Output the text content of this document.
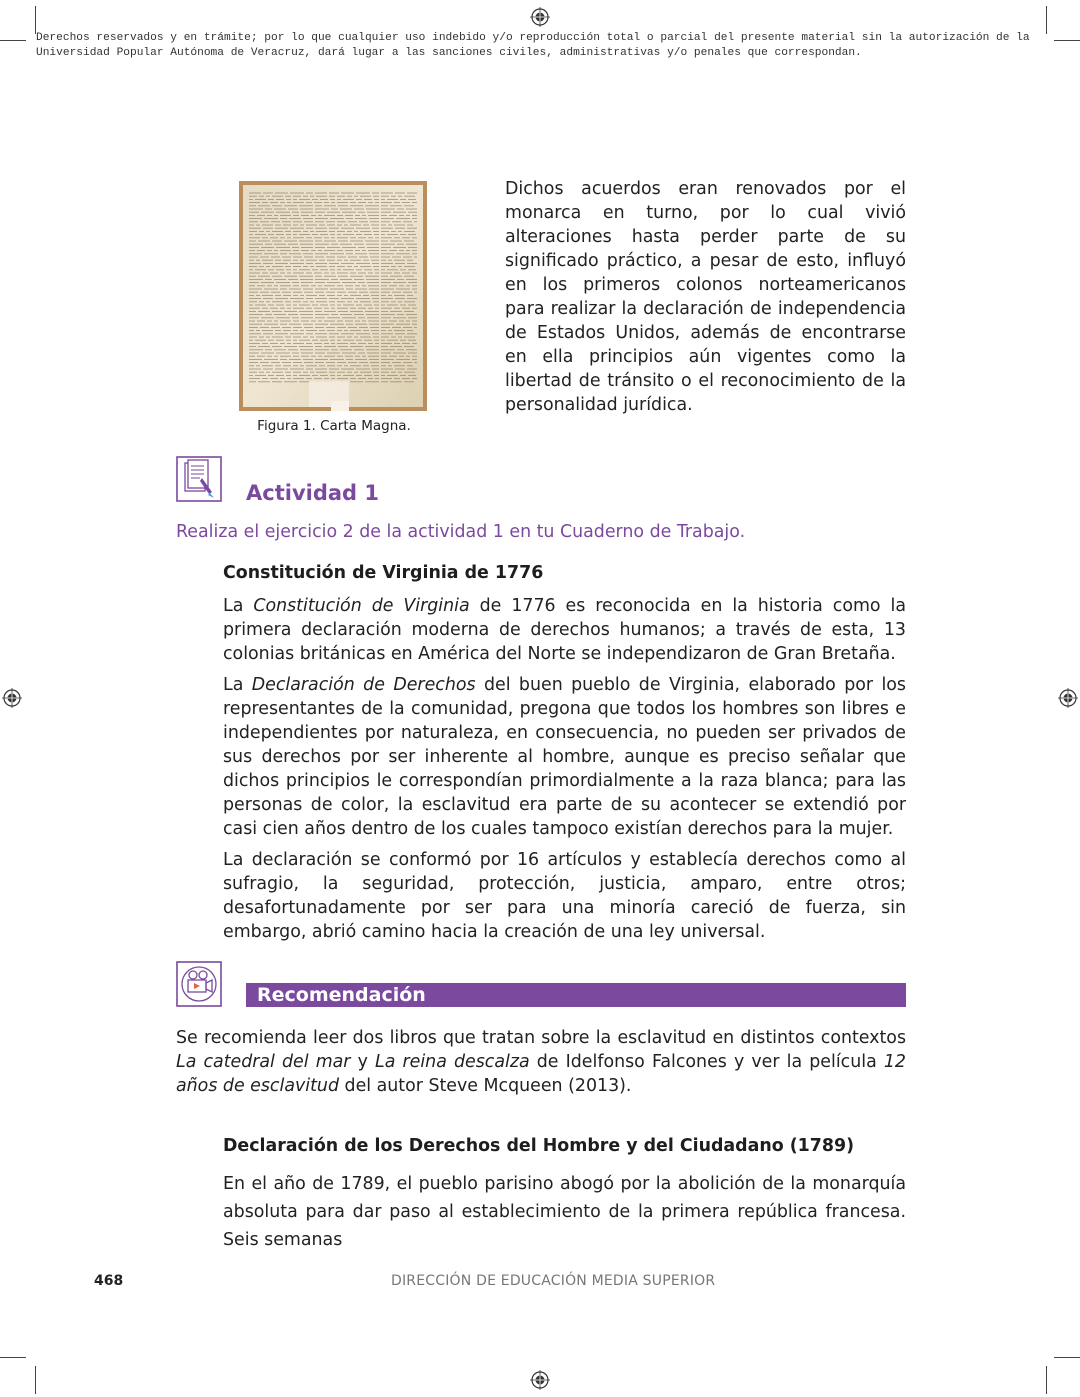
Derechos reservados y en trámite; por lo que cualquier uso indebido y/o reproducción total o parcial del presente material sin la autorización de la
Universidad Popular Autónoma de Veracruz, dará lugar a las sanciones civiles, administrativas y/o penales que correspondan.
Figura 1. Carta Magna.

Dichos acuerdos eran renovados por el monarca en turno, por lo cual vivió alteraciones hasta perder parte de su significado práctico, a pesar de esto, influyó en los primeros colonos norteamericanos para realizar la declaración de independencia de Estados Unidos, además de encontrarse en ella principios aún vigentes como la libertad de tránsito o el reconocimiento de la personalidad jurídica.

Actividad 1
Realiza el ejercicio 2 de la actividad 1 en tu Cuaderno de Trabajo.
Constitución de Virginia de 1776

La Constitución de Virginia de 1776 es reconocida en la historia como la primera declaración moderna de derechos humanos; a través de esta, 13 colonias británicas en América del Norte se independizaron de Gran Bretaña.

La Declaración de Derechos del buen pueblo de Virginia, elaborado por los representantes de la comunidad, pregona que todos los hombres son libres e independientes por naturaleza, en consecuencia, no pueden ser privados de sus derechos por ser inherente al hombre, aunque es preciso señalar que dichos principios le correspondían primordialmente a la raza blanca; para las personas de color, la esclavitud era parte de su acontecer se extendió por casi cien años dentro de los cuales tampoco existían derechos para la mujer.

La declaración se conformó por 16 artículos y establecía derechos como al sufragio, la seguridad, protección, justicia, amparo, entre otros; desafortunadamente por ser para una minoría careció de fuerza, sin embargo, abrió camino hacia la creación de una ley universal.

Recomendación

Se recomienda leer dos libros que tratan sobre la esclavitud en distintos contextos La catedral del mar y La reina descalza de Idelfonso Falcones y ver la película 12 años de esclavitud del autor Steve Mcqueen (2013).

Declaración de los Derechos del Hombre y del Ciudadano (1789)

En el año de 1789, el pueblo parisino abogó por la abolición de la monarquía absoluta para dar paso al establecimiento de la primera república francesa. Seis semanas

468	DIRECCIÓN DE EDUCACIÓN MEDIA SUPERIOR
